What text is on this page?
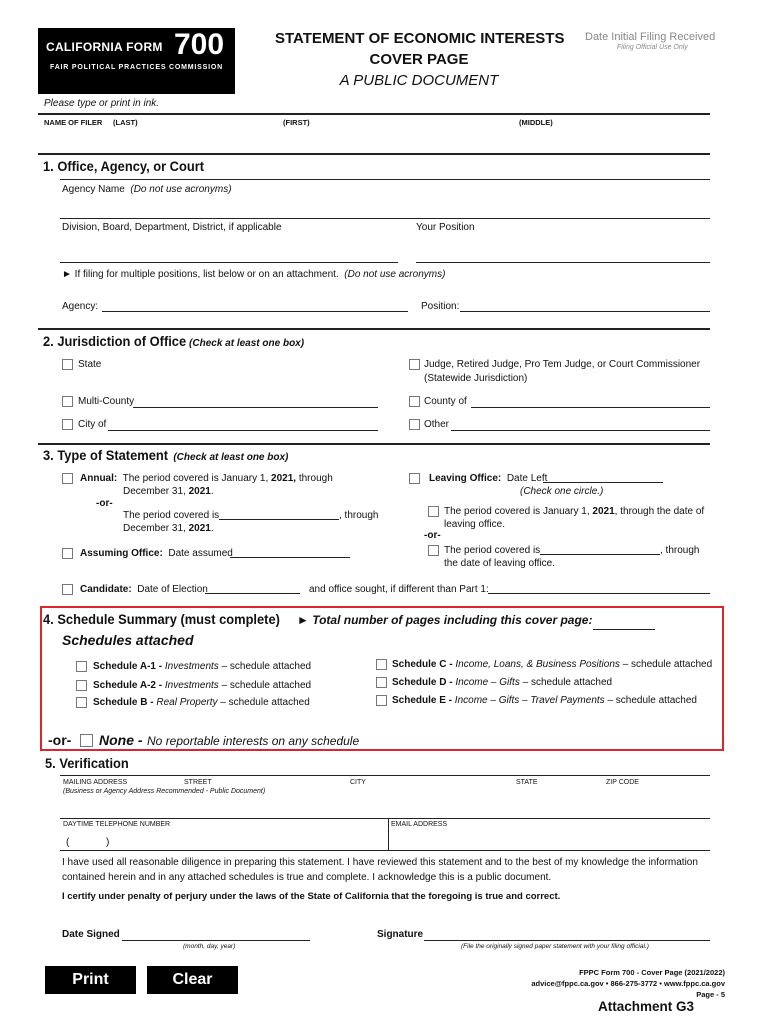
CALIFORNIA FORM 700
FAIR POLITICAL PRACTICES COMMISSION
STATEMENT OF ECONOMIC INTERESTS
COVER PAGE
A PUBLIC DOCUMENT
Date Initial Filing Received
Filing Official Use Only
Please type or print in ink.
NAME OF FILER (LAST)	(FIRST)	(MIDDLE)
1. Office, Agency, or Court
Agency Name (Do not use acronyms)
Division, Board, Department, District, if applicable	Your Position
► If filing for multiple positions, list below or on an attachment. (Do not use acronyms)
Agency:	Position:
2. Jurisdiction of Office (Check at least one box)
State	Judge, Retired Judge, Pro Tem Judge, or Court Commissioner
(Statewide Jurisdiction)
Multi-County	County of
City of	Other
3. Type of Statement (Check at least one box)
Annual: The period covered is January 1, 2021, through
December 31, 2021.
-or-
The period covered is	, through
December 31, 2021.
Assuming Office: Date assumed
Leaving Office: Date Left
(Check one circle.)
The period covered is January 1, 2021, through the date of
leaving office.
-or-
The period covered is	, through
the date of leaving office.
Candidate: Date of Election	and office sought, if different than Part 1:
4. Schedule Summary (must complete) ► Total number of pages including this cover page:
Schedules attached
Schedule A-1 - Investments – schedule attached
Schedule A-2 - Investments – schedule attached
Schedule B - Real Property – schedule attached
Schedule C - Income, Loans, & Business Positions – schedule attached
Schedule D - Income – Gifts – schedule attached
Schedule E - Income – Gifts – Travel Payments – schedule attached
-or- None - No reportable interests on any schedule
5. Verification
MAILING ADDRESS	STREET	CITY	STATE	ZIP CODE
(Business or Agency Address Recommended - Public Document)
DAYTIME TELEPHONE NUMBER	EMAIL ADDRESS
(	)
I have used all reasonable diligence in preparing this statement. I have reviewed this statement and to the best of my knowledge the information contained herein and in any attached schedules is true and complete. I acknowledge this is a public document.
I certify under penalty of perjury under the laws of the State of California that the foregoing is true and correct.
Date Signed
(month, day, year)
Signature
(File the originally signed paper statement with your filing official.)
Print	Clear	FPPC Form 700 - Cover Page (2021/2022)
advice@fppc.ca.gov • 866-275-3772 • www.fppc.ca.gov
Page - 5
Attachment G3
